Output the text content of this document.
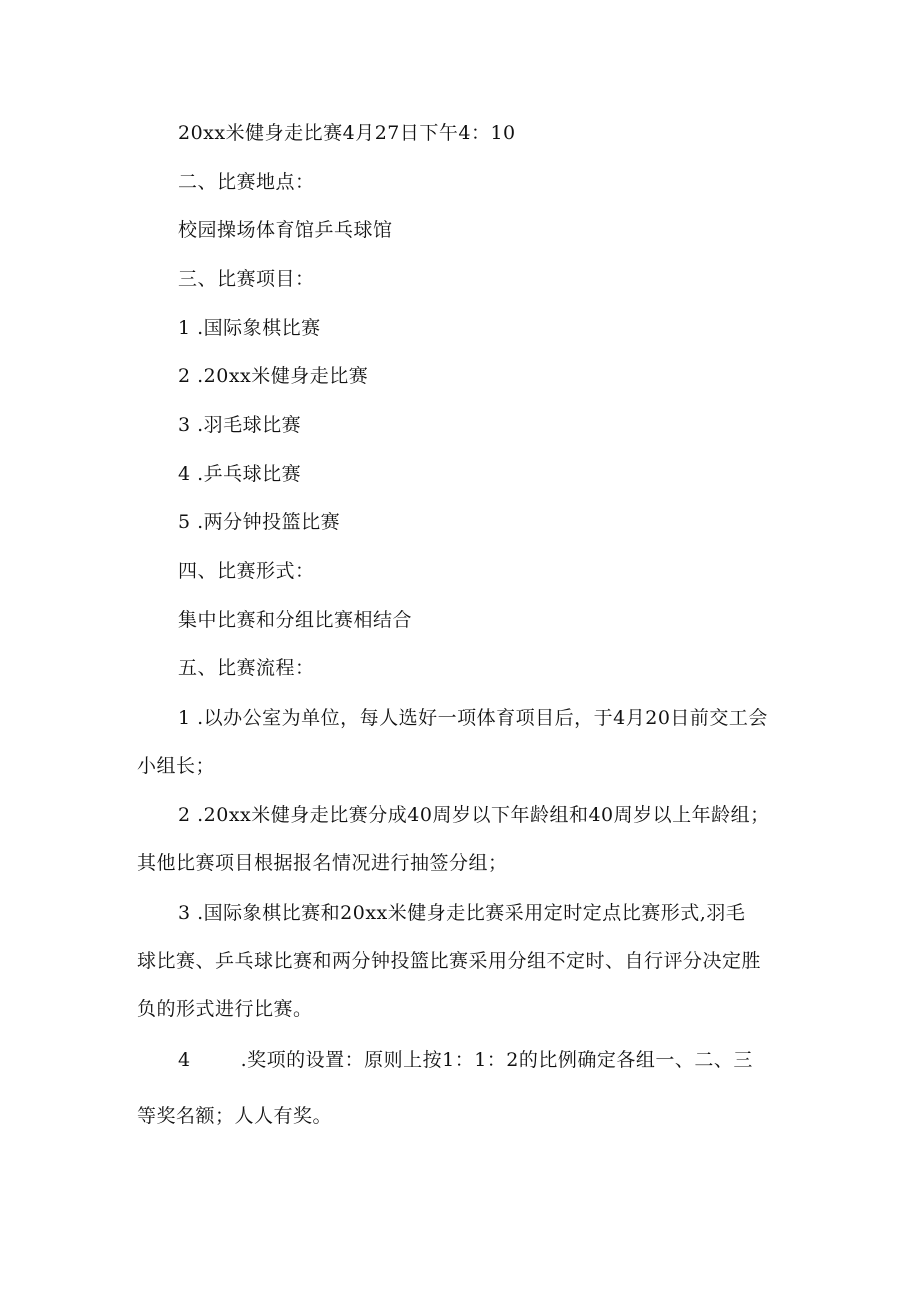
20xx米健身走比赛4月27日下午4：10
二、比赛地点：
校园操场体育馆乒乓球馆
三、比赛项目：
1 .国际象棋比赛
2 .20xx米健身走比赛
3 .羽毛球比赛
4 .乒乓球比赛
5 .两分钟投篮比赛
四、比赛形式：
集中比赛和分组比赛相结合
五、比赛流程：
1 .以办公室为单位，每人选好一项体育项目后，于4月20日前交工会
小组长；
2 .20xx米健身走比赛分成40周岁以下年龄组和40周岁以上年龄组；
其他比赛项目根据报名情况进行抽签分组；
3 .国际象棋比赛和20xx米健身走比赛采用定时定点比赛形式,羽毛
球比赛、乒乓球比赛和两分钟投篮比赛采用分组不定时、自行评分决定胜
负的形式进行比赛。
4	.奖项的设置：原则上按1：1：2的比例确定各组一、二、三
等奖名额；人人有奖。
